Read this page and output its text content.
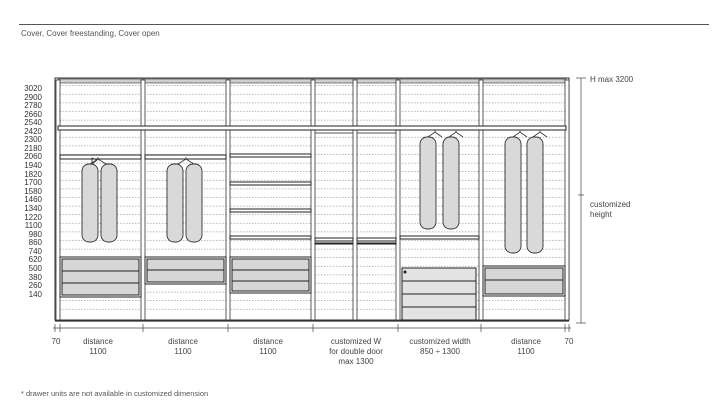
Cover, Cover freestanding, Cover open
3020
2900
2780
2660
2540
2420
2300
2180
2060
1940
1820
1700
1580
1460
1340
1220
1100
980
860
740
620
500
380
260
140
H max 3200
customized
height
70	70
distance
1100
distance
1100
distance
1100
customized W
for double door
max 1300
customized width
850 ÷ 1300
distance
1100
* drawer units are not available in customized dimension
